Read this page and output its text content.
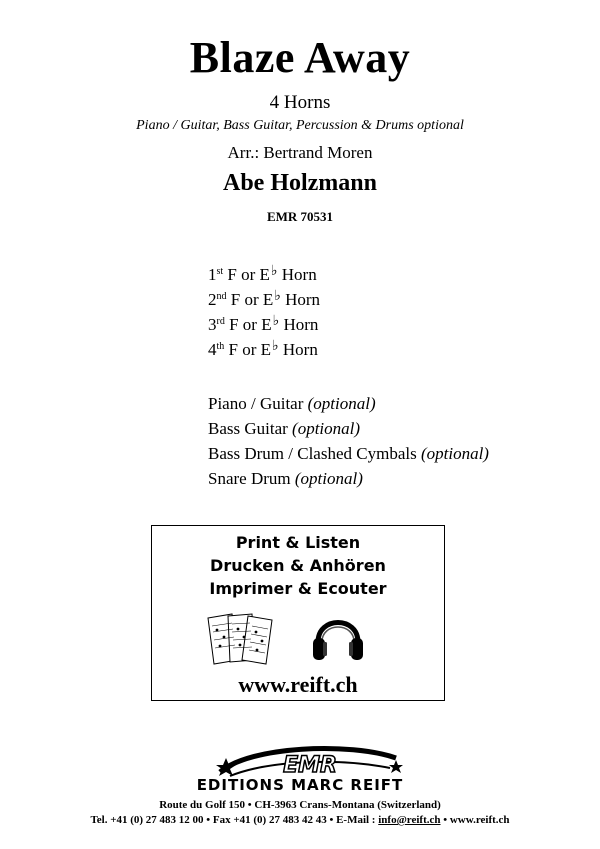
Blaze Away
4 Horns
Piano / Guitar, Bass Guitar, Percussion & Drums optional
Arr.: Bertrand Moren
Abe Holzmann
EMR 70531
1st F or E♭ Horn
2nd F or E♭ Horn
3rd F or E♭ Horn
4th F or E♭ Horn
Piano / Guitar (optional)
Bass Guitar (optional)
Bass Drum / Clashed Cymbals (optional)
Snare Drum (optional)
Print & Listen
Drucken & Anhören
Imprimer & Ecouter
www.reift.ch
EMR
EDITIONS MARC REIFT
Route du Golf 150 • CH-3963 Crans-Montana (Switzerland)
Tel. +41 (0) 27 483 12 00 • Fax +41 (0) 27 483 42 43 • E-Mail : info@reift.ch • www.reift.ch
